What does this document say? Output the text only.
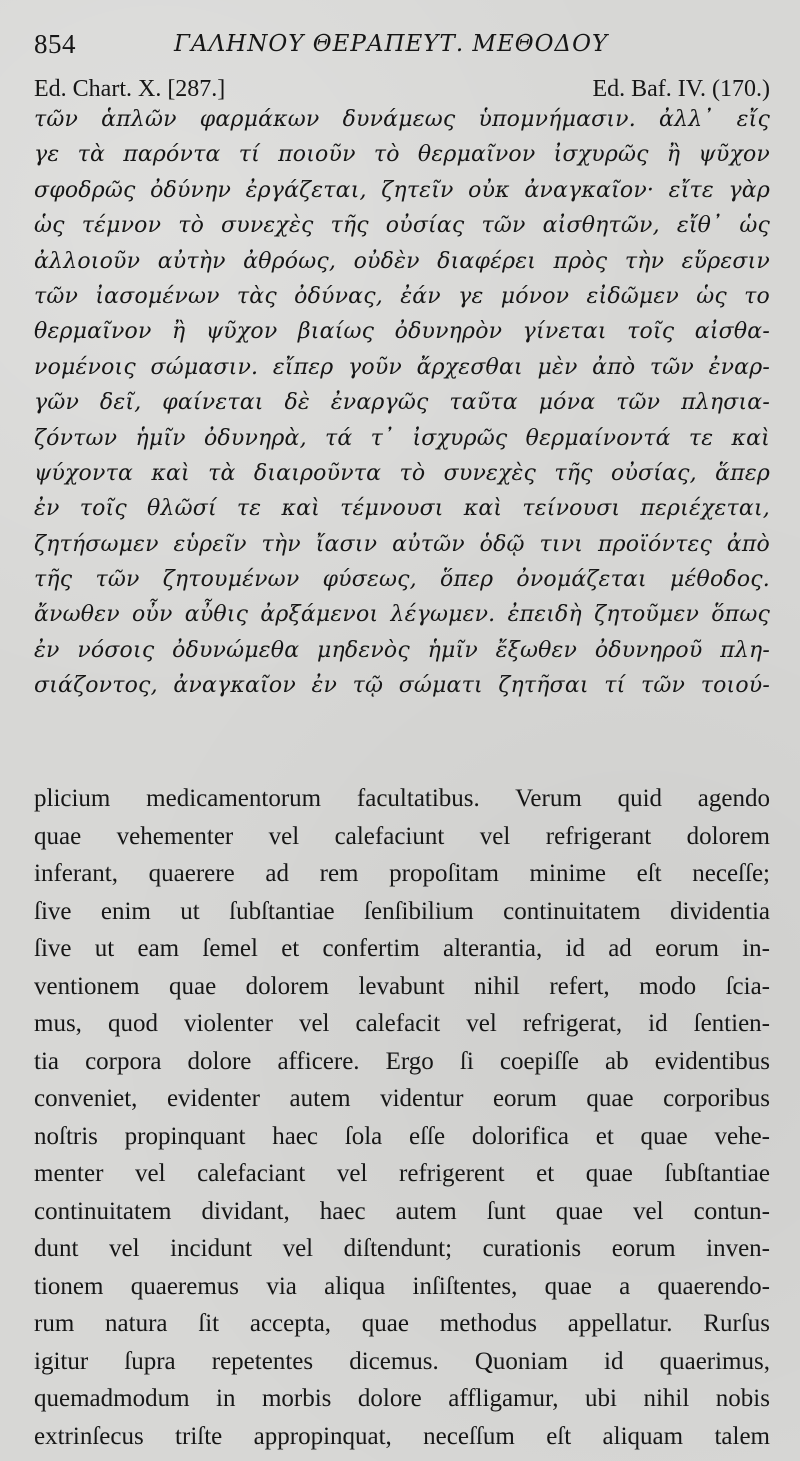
854	ΓΑΛΗΝΟΥ ΘΕΡΑΠΕΥΤ. ΜΕΘΟΔΟΥ
Ed. Chart. X. [287.]	Ed. Baf. IV. (170.)
τῶν ἁπλῶν φαρμάκων δυνάμεως ὑπομνήμασιν. ἀλλ᾿ εἴς
γε τὰ παρόντα τί ποιοῦν τὸ θερμαῖνον ἰσχυρῶς ἢ ψῦχον
σφοδρῶς ὀδύνην ἐργάζεται, ζητεῖν οὐκ ἀναγκαῖον· εἴτε γὰρ
ὡς τέμνον τὸ συνεχὲς τῆς οὐσίας τῶν αἰσθητῶν, εἴθ᾿ ὡς
ἀλλοιοῦν αὐτὴν ἀθρόως, οὐδὲν διαφέρει πρὸς τὴν εὕρεσιν
τῶν ἰασομένων τὰς ὀδύνας, ἐάν γε μόνον εἰδῶμεν ὡς το
θερμαῖνον ἢ ψῦχον βιαίως ὀδυνηρὸν γίνεται τοῖς αἰσθα-
νομένοις σώμασιν. εἴπερ γοῦν ἄρχεσθαι μὲν ἀπὸ τῶν ἐναρ-
γῶν δεῖ, φαίνεται δὲ ἐναργῶς ταῦτα μόνα τῶν πλησια-
ζόντων ἡμῖν ὀδυνηρὰ, τά τ᾿ ἰσχυρῶς θερμαίνοντά τε καὶ
ψύχοντα καὶ τὰ διαιροῦντα τὸ συνεχὲς τῆς οὐσίας, ἅπερ
ἐν τοῖς θλῶσί τε καὶ τέμνουσι καὶ τείνουσι περιέχεται,
ζητήσωμεν εὑρεῖν τὴν ἴασιν αὐτῶν ὁδῷ τινι προϊόντες ἀπὸ
τῆς τῶν ζητουμένων φύσεως, ὅπερ ὀνομάζεται μέθοδος.
ἄνωθεν οὖν αὖθις ἀρξάμενοι λέγωμεν. ἐπειδὴ ζητοῦμεν ὅπως
ἐν νόσοις ὀδυνώμεθα μηδενὸς ἡμῖν ἔξωθεν ὀδυνηροῦ πλη-
σιάζοντος, ἀναγκαῖον ἐν τῷ σώματι ζητῆσαι τί τῶν τοιού-
plicium medicamentorum facultatibus. Verum quid agendo
quae vehementer vel calefaciunt vel refrigerant dolorem
inferant, quaerere ad rem propoſitam minime eſt neceſſe;
ſive enim ut ſubſtantiae ſenſibilium continuitatem dividentia
ſive ut eam ſemel et confertim alterantia, id ad eorum in-
ventionem quae dolorem levabunt nihil refert, modo ſcia-
mus, quod violenter vel calefacit vel refrigerat, id ſentien-
tia corpora dolore afficere. Ergo ſi coepiſſe ab evidentibus
conveniet, evidenter autem videntur eorum quae corporibus
noſtris propinquant haec ſola eſſe dolorifica et quae vehe-
menter vel calefaciant vel refrigerent et quae ſubſtantiae
continuitatem dividant, haec autem ſunt quae vel contun-
dunt vel incidunt vel diſtendunt; curationis eorum inven-
tionem quaeremus via aliqua inſiſtentes, quae a quaerendo-
rum natura ſit accepta, quae methodus appellatur. Rurſus
igitur ſupra repetentes dicemus. Quoniam id quaerimus,
quemadmodum in morbis dolore affligamur, ubi nihil nobis
extrinſecus triſte appropinquat, neceſſum eſt aliquam talem
